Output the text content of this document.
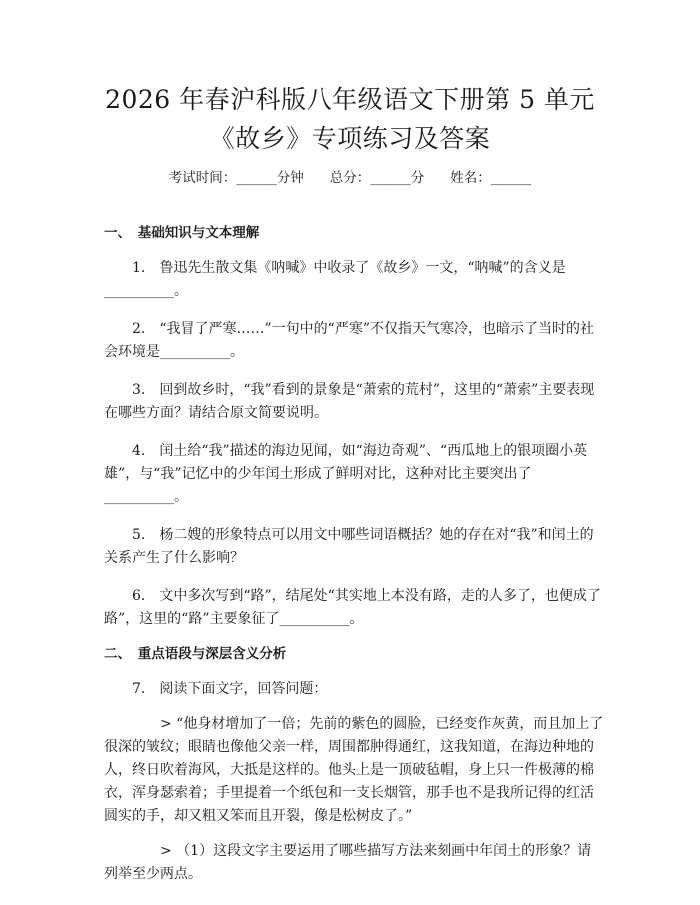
2026 年春沪科版八年级语文下册第 5 单元
《故乡》专项练习及答案
考试时间：______分钟 总分：______分 姓名：______

一、　基础知识与文本理解

1.　鲁迅先生散文集《呐喊》中收录了《故乡》一文，“呐喊”的含义是__________。

2.　“我冒了严寒……”一句中的“严寒”不仅指天气寒冷，也暗示了当时的社会环境是__________。

3.　回到故乡时，“我”看到的景象是“萧索的荒村”，这里的“萧索”主要表现在哪些方面？请结合原文简要说明。

4.　闰土给“我”描述的海边见闻，如“海边奇观”、“西瓜地上的银项圈小英雄”，与“我”记忆中的少年闰土形成了鲜明对比，这种对比主要突出了__________。

5.　杨二嫂的形象特点可以用文中哪些词语概括？她的存在对“我”和闰土的关系产生了什么影响？

6.　文中多次写到“路”，结尾处“其实地上本没有路，走的人多了，也便成了路”，这里的“路”主要象征了__________。

二、　重点语段与深层含义分析

7.　阅读下面文字，回答问题：

> “他身材增加了一倍；先前的紫色的圆脸，已经变作灰黄，而且加上了很深的皱纹；眼睛也像他父亲一样，周围都肿得通红，这我知道，在海边种地的人，终日吹着海风，大抵是这样的。他头上是一顶破毡帽，身上只一件极薄的棉衣，浑身瑟索着；手里提着一个纸包和一支长烟管，那手也不是我所记得的红活圆实的手，却又粗又笨而且开裂，像是松树皮了。”

> （1）这段文字主要运用了哪些描写方法来刻画中年闰土的形象？请列举至少两点。
